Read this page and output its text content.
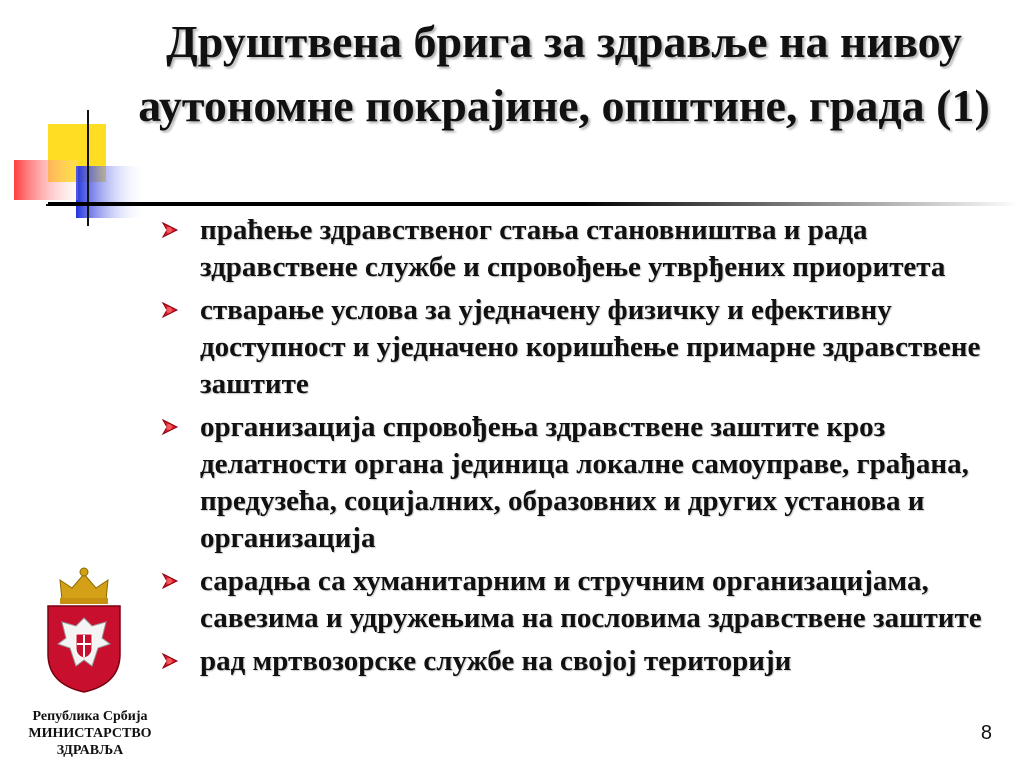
Друштвена брига за здравље на нивоу аутономне покрајине, општине, града (1)
праћење здравственог стања становништва и рада здравствене службе и спровођење утврђених приоритета
стварање услова за уједначену физичку и ефективну доступност и уједначено коришћење примарне здравствене заштите
организација спровођења здравствене заштите кроз делатности органа јединица локалне самоуправе, грађана, предузећа, социјалних, образовних и других установа и организација
сарадња са хуманитарним и стручним организацијама, савезима и удружењима на пословима здравствене заштите
рад мртвозорске службе на својој територији
Република Србија
МИНИСТАРСТВО
ЗДРАВЉА
8
